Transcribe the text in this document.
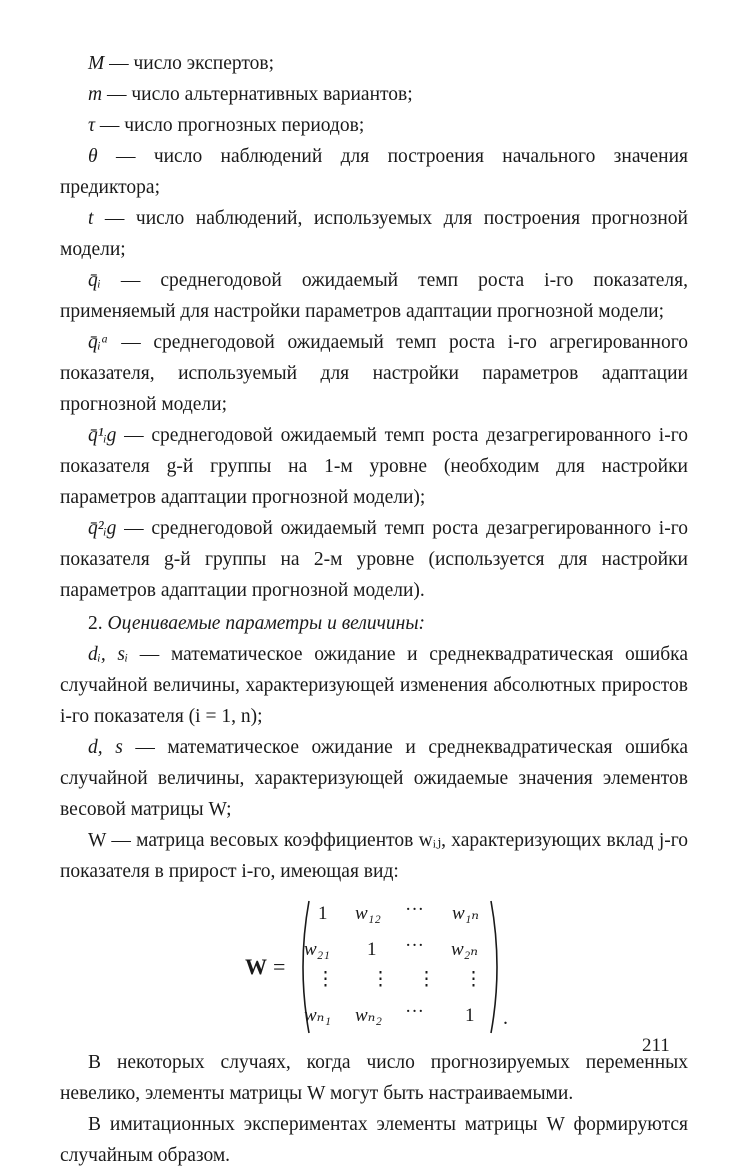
M — число экспертов;

m — число альтернативных вариантов;

τ — число прогнозных периодов;

θ — число наблюдений для построения начального значения предиктора;

t — число наблюдений, используемых для построения прогнозной модели;

q̄ᵢ — среднегодовой ожидаемый темп роста i-го показателя, применяемый для настройки параметров адаптации прогнозной модели;

q̄ᵢᵃ — среднегодовой ожидаемый темп роста i-го агрегированного показателя, используемый для настройки параметров адаптации прогнозной модели;

q̄¹ᵢg — среднегодовой ожидаемый темп роста дезагрегированного i-го показателя g-й группы на 1-м уровне (необходим для настройки параметров адаптации прогнозной модели);

q̄²ᵢg — среднегодовой ожидаемый темп роста дезагрегированного i-го показателя g-й группы на 2-м уровне (используется для настройки параметров адаптации прогнозной модели).

2. Оцениваемые параметры и величины:

dᵢ, sᵢ — математическое ожидание и среднеквадратическая ошибка случайной величины, характеризующей изменения абсолютных приростов i-го показателя (i = 1, n);

d, s — математическое ожидание и среднеквадратическая ошибка случайной величины, характеризующей ожидаемые значения элементов весовой матрицы W;

W — матрица весовых коэффициентов wᵢⱼ, характеризующих вклад j-го показателя в прирост i-го, имеющая вид:

W =
1 w₁₂ ··· w₁ₙ
w₂₁ 1 ··· w₂ₙ
⋮ ⋮ ⋮ ⋮
wₙ₁ wₙ₂ ··· 1 .

В некоторых случаях, когда число прогнозируемых переменных невелико, элементы матрицы W могут быть настраиваемыми.

В имитационных экспериментах элементы матрицы W формируются случайным образом.

211
